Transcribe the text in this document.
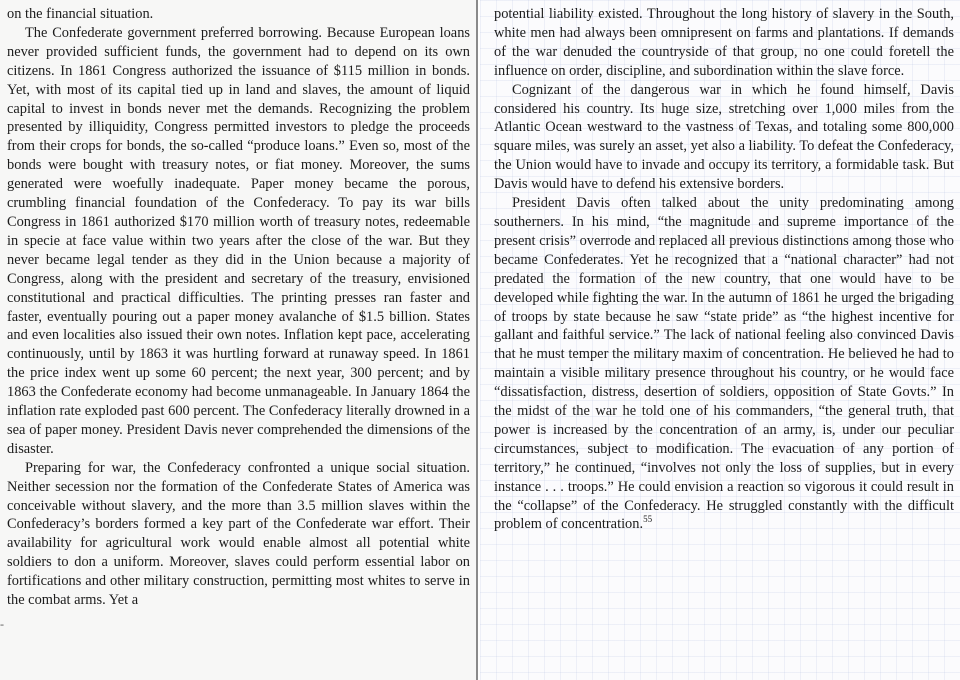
on the financial situation.

The Confederate government preferred borrowing. Because European loans never provided sufficient funds, the government had to depend on its own citizens. In 1861 Congress authorized the issuance of $115 million in bonds. Yet, with most of its capital tied up in land and slaves, the amount of liquid capital to invest in bonds never met the demands. Recognizing the problem presented by illiquidity, Congress permitted investors to pledge the proceeds from their crops for bonds, the so-called “produce loans.” Even so, most of the bonds were bought with treasury notes, or fiat money. Moreover, the sums generated were woefully inadequate. Paper money became the porous, crumbling financial foundation of the Confederacy. To pay its war bills Congress in 1861 authorized $170 million worth of treasury notes, redeemable in specie at face value within two years after the close of the war. But they never became legal tender as they did in the Union because a majority of Congress, along with the president and secretary of the treasury, envisioned constitutional and practical difficulties. The printing presses ran faster and faster, eventually pouring out a paper money avalanche of $1.5 billion. States and even localities also issued their own notes. Inflation kept pace, accelerating continuously, until by 1863 it was hurtling forward at runaway speed. In 1861 the price index went up some 60 percent; the next year, 300 percent; and by 1863 the Confederate economy had become unmanageable. In January 1864 the inflation rate exploded past 600 percent. The Confederacy literally drowned in a sea of paper money. President Davis never comprehended the dimensions of the disaster.

Preparing for war, the Confederacy confronted a unique social situation. Neither secession nor the formation of the Confederate States of America was conceivable without slavery, and the more than 3.5 million slaves within the Confederacy’s borders formed a key part of the Confederate war effort. Their availability for agricultural work would enable almost all potential white soldiers to don a uniform. Moreover, slaves could perform essential labor on fortifications and other military construction, permitting most whites to serve in the combat arms. Yet a

-

potential liability existed. Throughout the long history of slavery in the South, white men had always been omnipresent on farms and plantations. If demands of the war denuded the countryside of that group, no one could foretell the influence on order, discipline, and subordination within the slave force.

Cognizant of the dangerous war in which he found himself, Davis considered his country. Its huge size, stretching over 1,000 miles from the Atlantic Ocean westward to the vastness of Texas, and totaling some 800,000 square miles, was surely an asset, yet also a liability. To defeat the Confederacy, the Union would have to invade and occupy its territory, a formidable task. But Davis would have to defend his extensive borders.

President Davis often talked about the unity predominating among southerners. In his mind, “the magnitude and supreme importance of the present crisis” overrode and replaced all previous distinctions among those who became Confederates. Yet he recognized that a “national character” had not predated the formation of the new country, that one would have to be developed while fighting the war. In the autumn of 1861 he urged the brigading of troops by state because he saw “state pride” as “the highest incentive for gallant and faithful service.” The lack of national feeling also convinced Davis that he must temper the military maxim of concentration. He believed he had to maintain a visible military presence throughout his country, or he would face “dissatisfaction, distress, desertion of soldiers, opposition of State Govts.” In the midst of the war he told one of his commanders, “the general truth, that power is increased by the concentration of an army, is, under our peculiar circumstances, subject to modification. The evacuation of any portion of territory,” he continued, “involves not only the loss of supplies, but in every instance . . . troops.” He could envision a reaction so vigorous it could result in the “collapse” of the Confederacy. He struggled constantly with the difficult problem of concentration.$^{55}$
